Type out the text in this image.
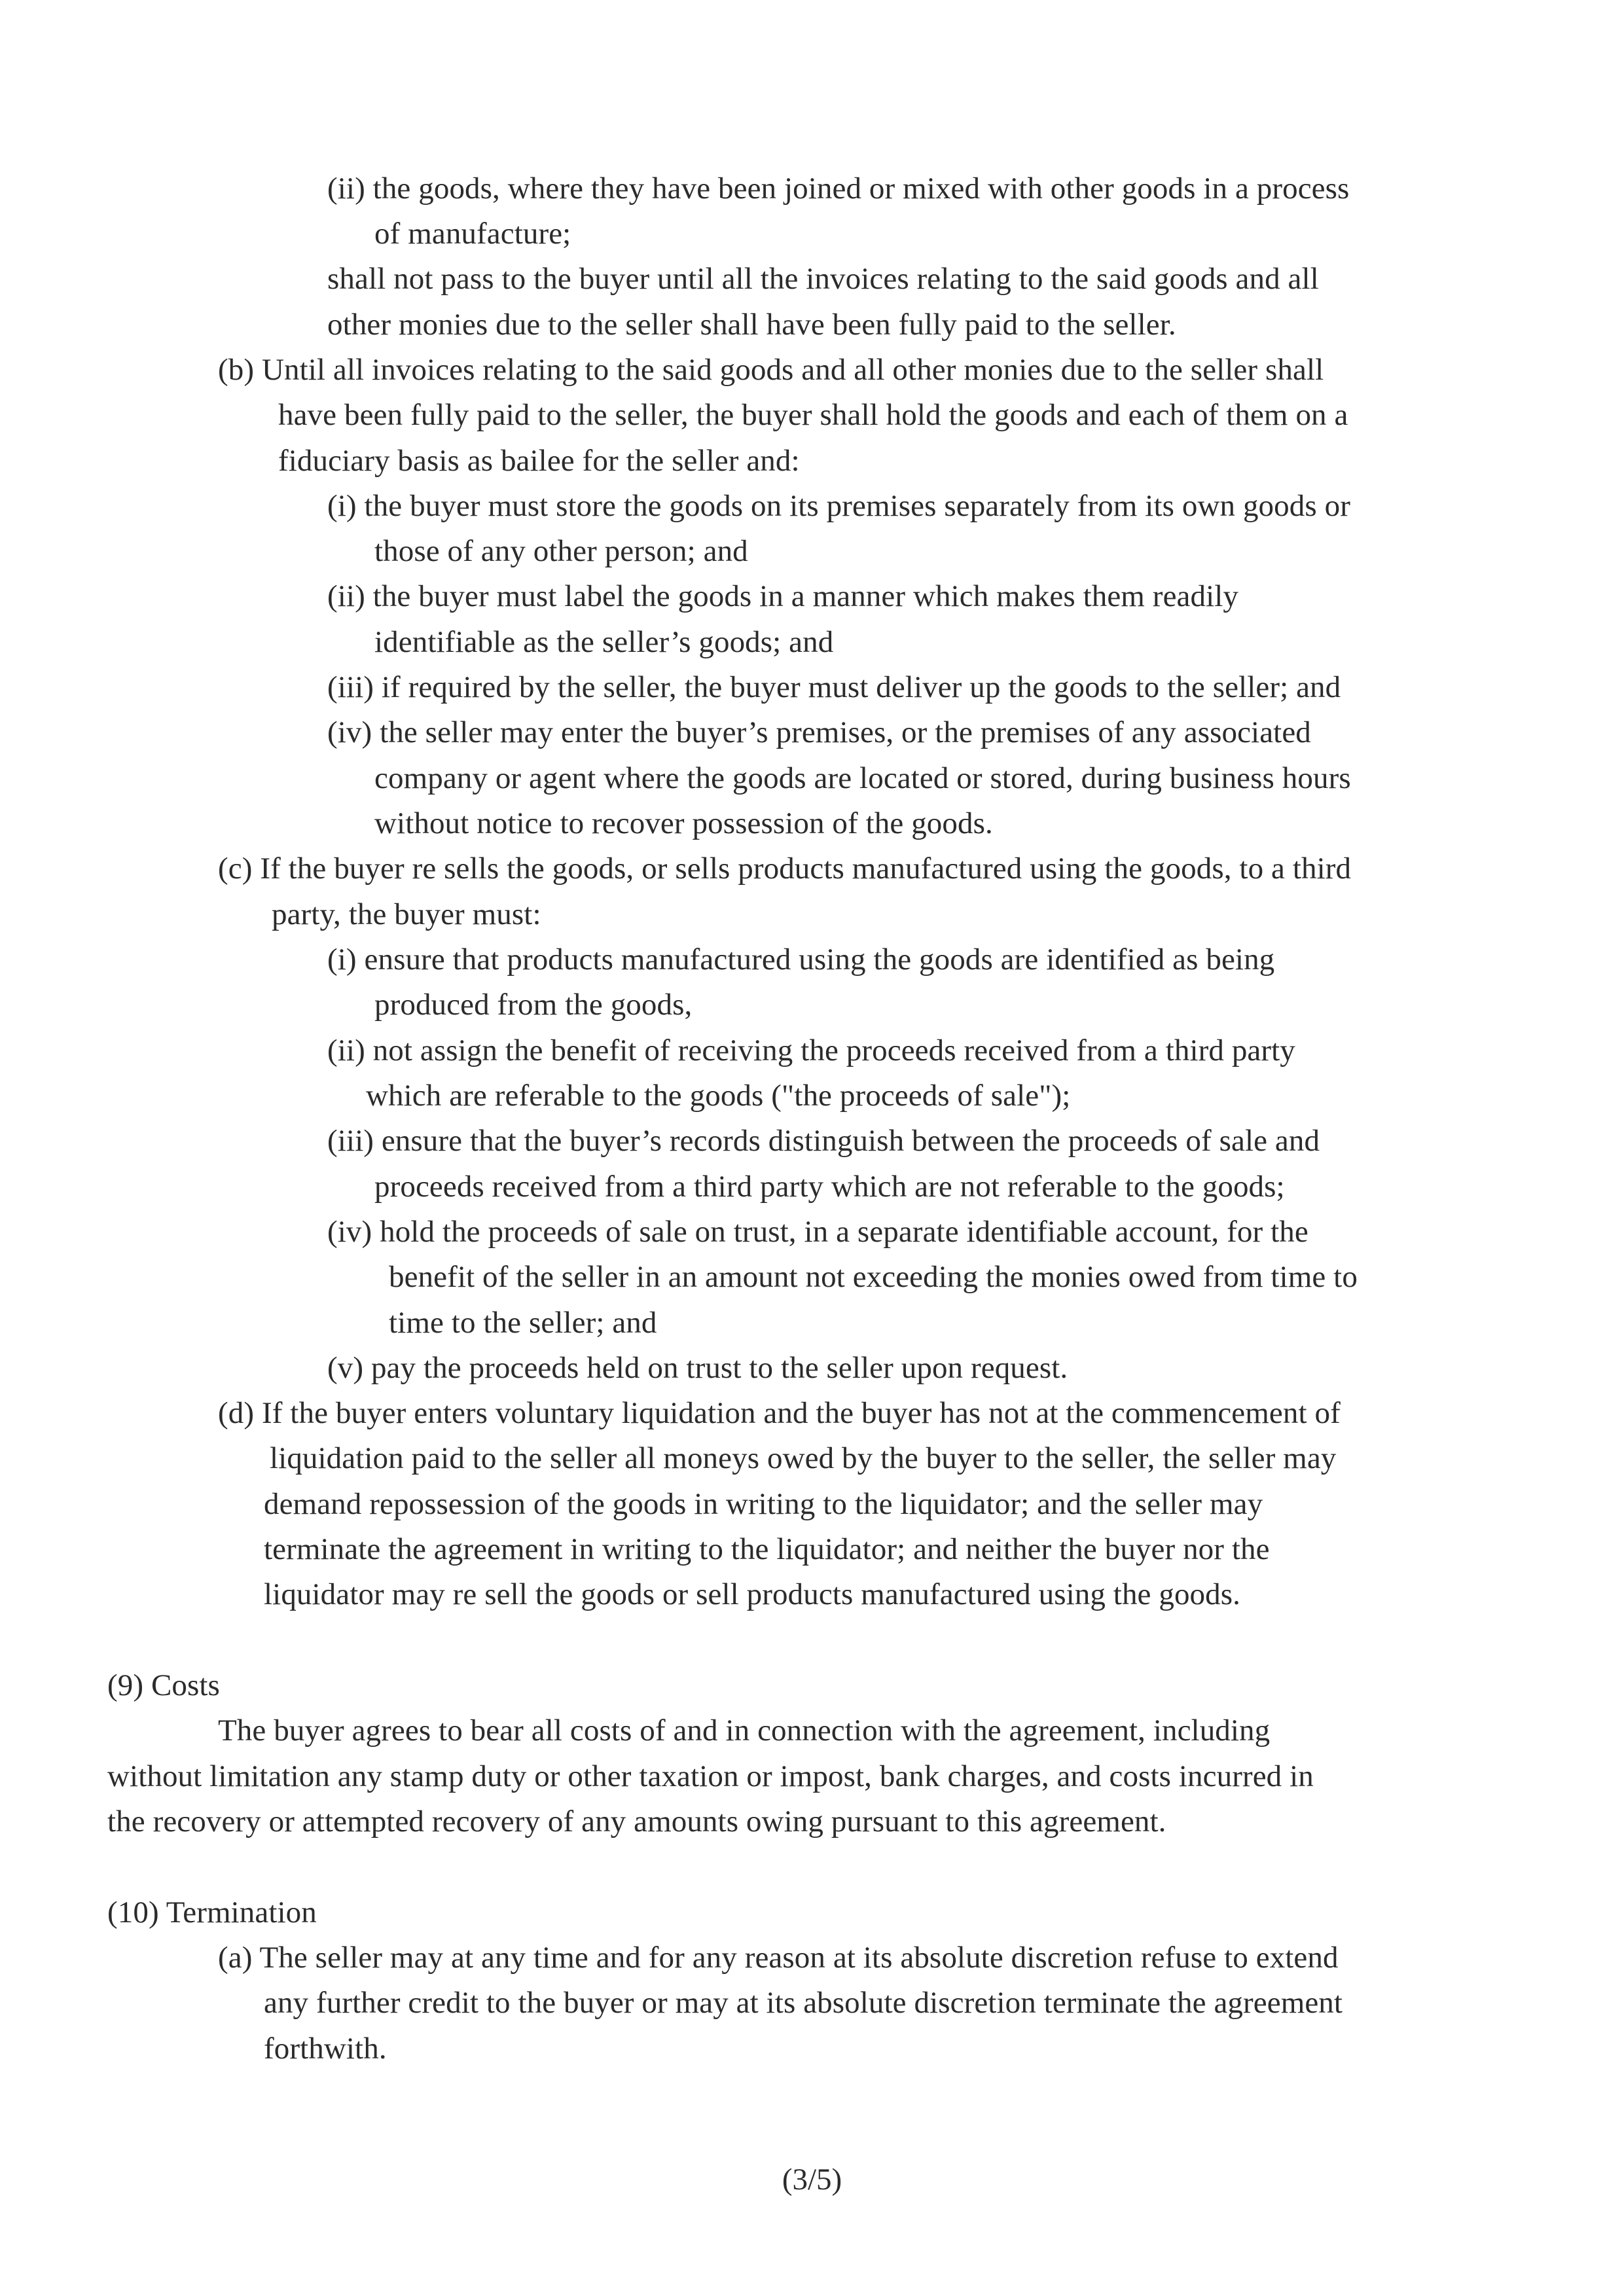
(ii) the goods, where they have been joined or mixed with other goods in a process
of manufacture;
shall not pass to the buyer until all the invoices relating to the said goods and all
other monies due to the seller shall have been fully paid to the seller.
(b) Until all invoices relating to the said goods and all other monies due to the seller shall
have been fully paid to the seller, the buyer shall hold the goods and each of them on a
fiduciary basis as bailee for the seller and:
(i) the buyer must store the goods on its premises separately from its own goods or
those of any other person; and
(ii) the buyer must label the goods in a manner which makes them readily
identifiable as the seller’s goods; and
(iii) if required by the seller, the buyer must deliver up the goods to the seller; and
(iv) the seller may enter the buyer’s premises, or the premises of any associated
company or agent where the goods are located or stored, during business hours
without notice to recover possession of the goods.
(c) If the buyer re sells the goods, or sells products manufactured using the goods, to a third
party, the buyer must:
(i) ensure that products manufactured using the goods are identified as being
produced from the goods,
(ii) not assign the benefit of receiving the proceeds received from a third party
which are referable to the goods ("the proceeds of sale");
(iii) ensure that the buyer’s records distinguish between the proceeds of sale and
proceeds received from a third party which are not referable to the goods;
(iv) hold the proceeds of sale on trust, in a separate identifiable account, for the
benefit of the seller in an amount not exceeding the monies owed from time to
time to the seller; and
(v) pay the proceeds held on trust to the seller upon request.
(d) If the buyer enters voluntary liquidation and the buyer has not at the commencement of
liquidation paid to the seller all moneys owed by the buyer to the seller, the seller may
demand repossession of the goods in writing to the liquidator; and the seller may
terminate the agreement in writing to the liquidator; and neither the buyer nor the
liquidator may re sell the goods or sell products manufactured using the goods.
(9) Costs
The buyer agrees to bear all costs of and in connection with the agreement, including
without limitation any stamp duty or other taxation or impost, bank charges, and costs incurred in
the recovery or attempted recovery of any amounts owing pursuant to this agreement.
(10) Termination
(a) The seller may at any time and for any reason at its absolute discretion refuse to extend
any further credit to the buyer or may at its absolute discretion terminate the agreement
forthwith.
(3/5)
